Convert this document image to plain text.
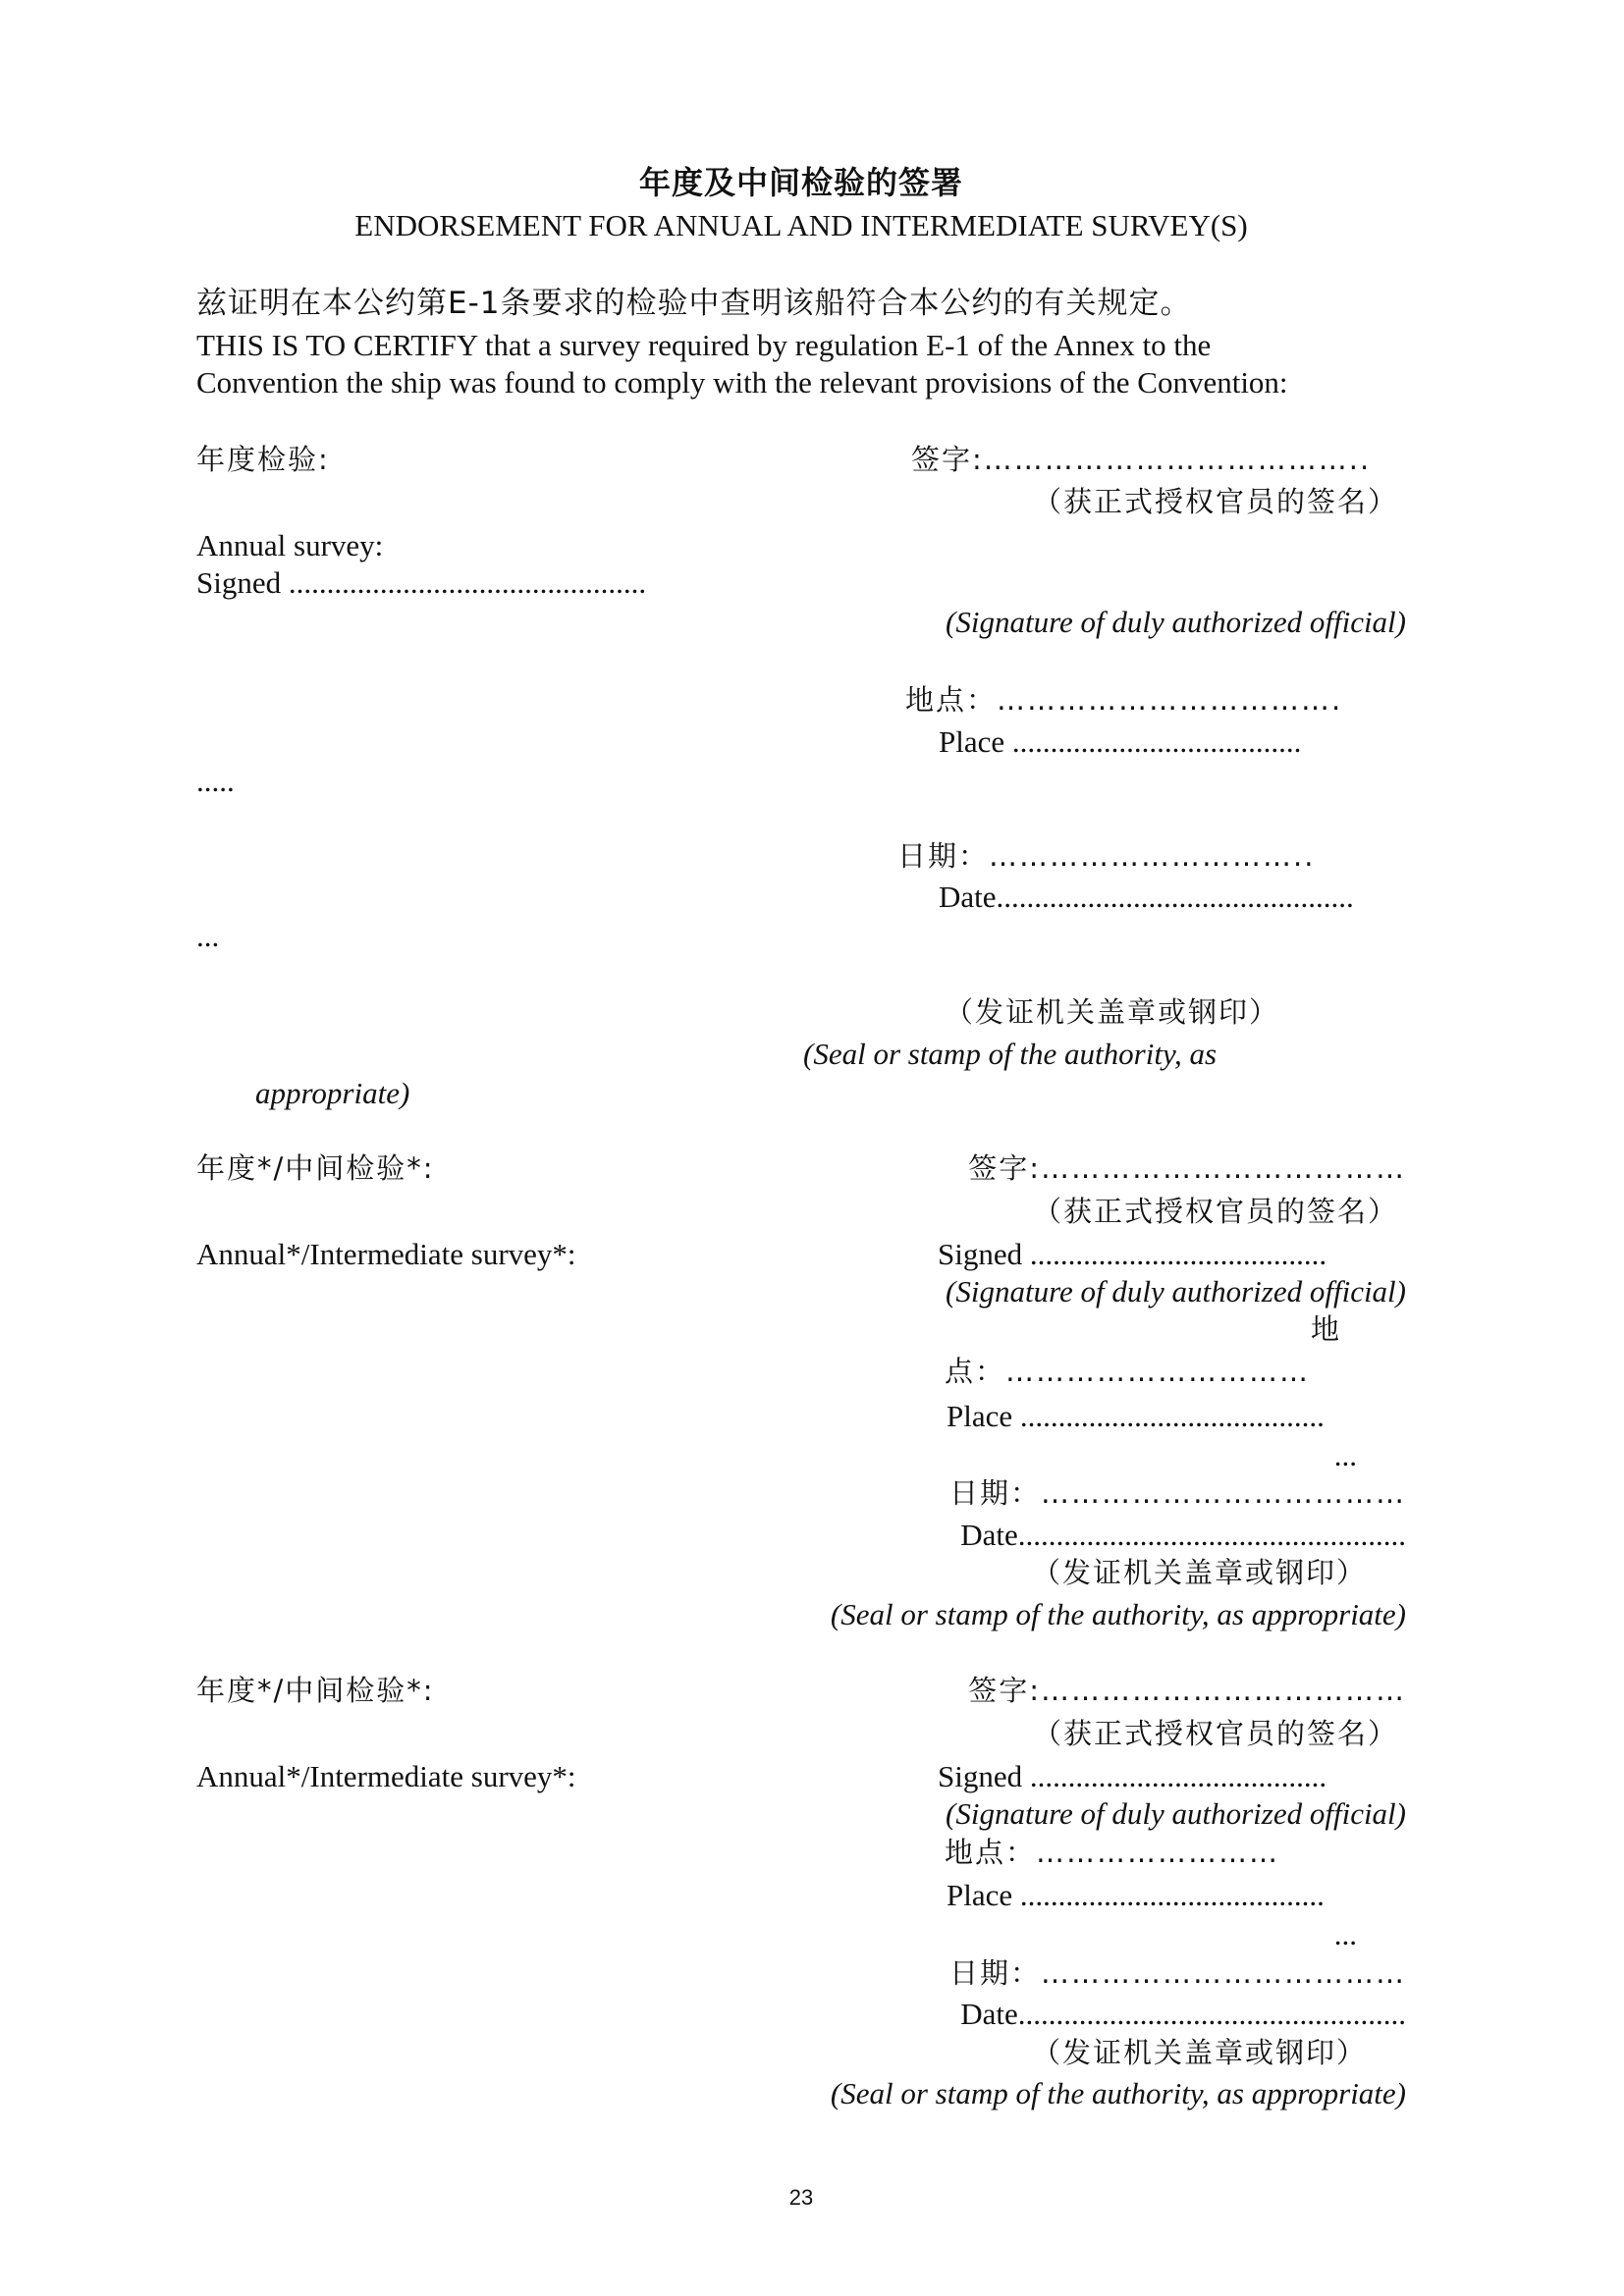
年度及中间检验的签署
ENDORSEMENT FOR ANNUAL AND INTERMEDIATE SURVEY(S)
兹证明在本公约第E-1条要求的检验中查明该船符合本公约的有关规定。
THIS IS TO CERTIFY that a survey required by regulation E-1 of the Annex to the
Convention the ship was found to comply with the relevant provisions of the Convention:
年度检验:	签字:………………………………..
（获正式授权官员的签名）
Annual survey:
Signed ...............................................
(Signature of duly authorized official)
地点：…………………………….
Place ......................................
.....
日期：…………………………..
Date...............................................
...
（发证机关盖章或钢印）
(Seal or stamp of the authority, as
appropriate)
年度*/中间检验*:	签字:………………………………
（获正式授权官员的签名）
Annual*/Intermediate survey*:	Signed .......................................
(Signature of duly authorized official)
地
点：…………………………
Place ........................................
...
日期：………………………………
Date...................................................
（发证机关盖章或钢印）
(Seal or stamp of the authority, as appropriate)
年度*/中间检验*:	签字:………………………………
（获正式授权官员的签名）
Annual*/Intermediate survey*:	Signed .......................................
(Signature of duly authorized official)
地点：……………………
Place ........................................
...
日期：………………………………
Date...................................................
（发证机关盖章或钢印）
(Seal or stamp of the authority, as appropriate)
23
